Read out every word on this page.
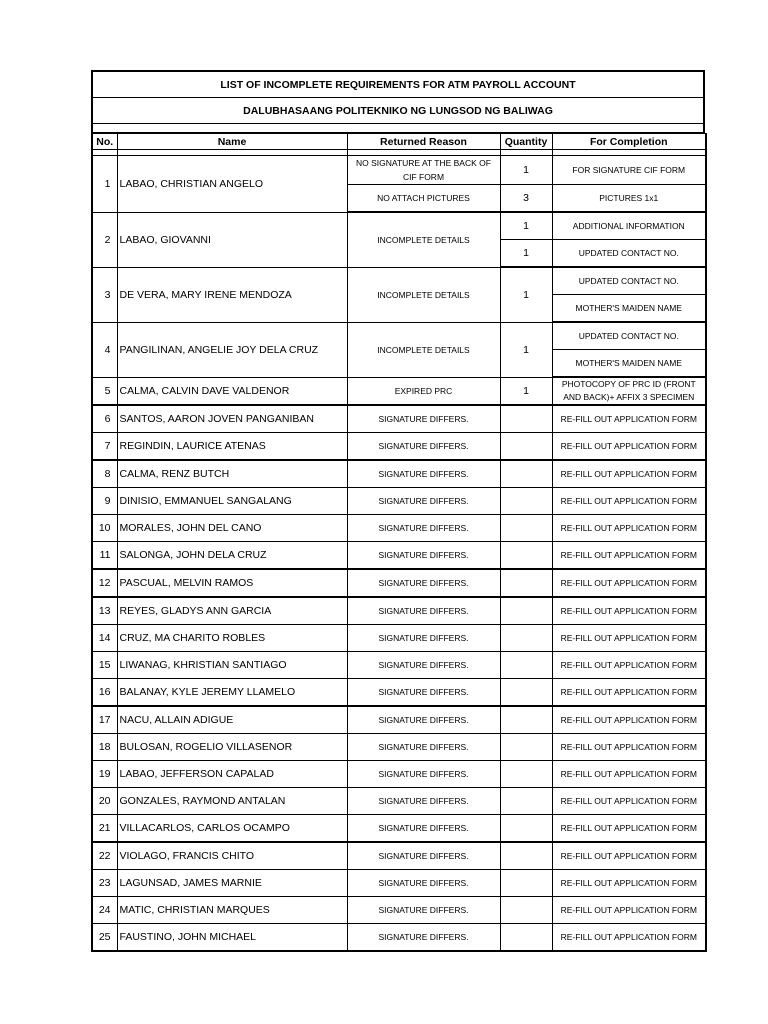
LIST OF INCOMPLETE REQUIREMENTS FOR ATM PAYROLL ACCOUNT
DALUBHASAANG POLITEKNIKO NG LUNGSOD NG BALIWAG
No.	Name	Returned Reason	Quantity	For Completion

1	LABAO, CHRISTIAN ANGELO	NO SIGNATURE AT THE BACK OF CIF FORM	1	FOR SIGNATURE CIF FORM
		NO ATTACH PICTURES	3	PICTURES 1x1
2	LABAO, GIOVANNI	INCOMPLETE DETAILS	1	ADDITIONAL INFORMATION
			1	UPDATED CONTACT NO.
3	DE VERA, MARY IRENE MENDOZA	INCOMPLETE DETAILS	1	UPDATED CONTACT NO.
				MOTHER'S MAIDEN NAME
4	PANGILINAN, ANGELIE JOY DELA CRUZ	INCOMPLETE DETAILS	1	UPDATED CONTACT NO.
				MOTHER'S MAIDEN NAME
5	CALMA, CALVIN DAVE VALDENOR	EXPIRED PRC	1	PHOTOCOPY OF PRC ID (FRONT AND BACK)+ AFFIX 3 SPECIMEN
6	SANTOS, AARON JOVEN PANGANIBAN	SIGNATURE DIFFERS.		RE-FILL OUT APPLICATION FORM
7	REGINDIN, LAURICE ATENAS	SIGNATURE DIFFERS.		RE-FILL OUT APPLICATION FORM
8	CALMA, RENZ BUTCH	SIGNATURE DIFFERS.		RE-FILL OUT APPLICATION FORM
9	DINISIO, EMMANUEL SANGALANG	SIGNATURE DIFFERS.		RE-FILL OUT APPLICATION FORM
10	MORALES, JOHN DEL CANO	SIGNATURE DIFFERS.		RE-FILL OUT APPLICATION FORM
11	SALONGA, JOHN DELA CRUZ	SIGNATURE DIFFERS.		RE-FILL OUT APPLICATION FORM
12	PASCUAL, MELVIN RAMOS	SIGNATURE DIFFERS.		RE-FILL OUT APPLICATION FORM
13	REYES, GLADYS ANN GARCIA	SIGNATURE DIFFERS.		RE-FILL OUT APPLICATION FORM
14	CRUZ, MA CHARITO ROBLES	SIGNATURE DIFFERS.		RE-FILL OUT APPLICATION FORM
15	LIWANAG, KHRISTIAN SANTIAGO	SIGNATURE DIFFERS.		RE-FILL OUT APPLICATION FORM
16	BALANAY, KYLE JEREMY LLAMELO	SIGNATURE DIFFERS.		RE-FILL OUT APPLICATION FORM
17	NACU, ALLAIN ADIGUE	SIGNATURE DIFFERS.		RE-FILL OUT APPLICATION FORM
18	BULOSAN, ROGELIO VILLASENOR	SIGNATURE DIFFERS.		RE-FILL OUT APPLICATION FORM
19	LABAO, JEFFERSON CAPALAD	SIGNATURE DIFFERS.		RE-FILL OUT APPLICATION FORM
20	GONZALES, RAYMOND ANTALAN	SIGNATURE DIFFERS.		RE-FILL OUT APPLICATION FORM
21	VILLACARLOS, CARLOS OCAMPO	SIGNATURE DIFFERS.		RE-FILL OUT APPLICATION FORM
22	VIOLAGO, FRANCIS CHITO	SIGNATURE DIFFERS.		RE-FILL OUT APPLICATION FORM
23	LAGUNSAD, JAMES MARNIE	SIGNATURE DIFFERS.		RE-FILL OUT APPLICATION FORM
24	MATIC, CHRISTIAN MARQUES	SIGNATURE DIFFERS.		RE-FILL OUT APPLICATION FORM
25	FAUSTINO, JOHN MICHAEL	SIGNATURE DIFFERS.		RE-FILL OUT APPLICATION FORM
